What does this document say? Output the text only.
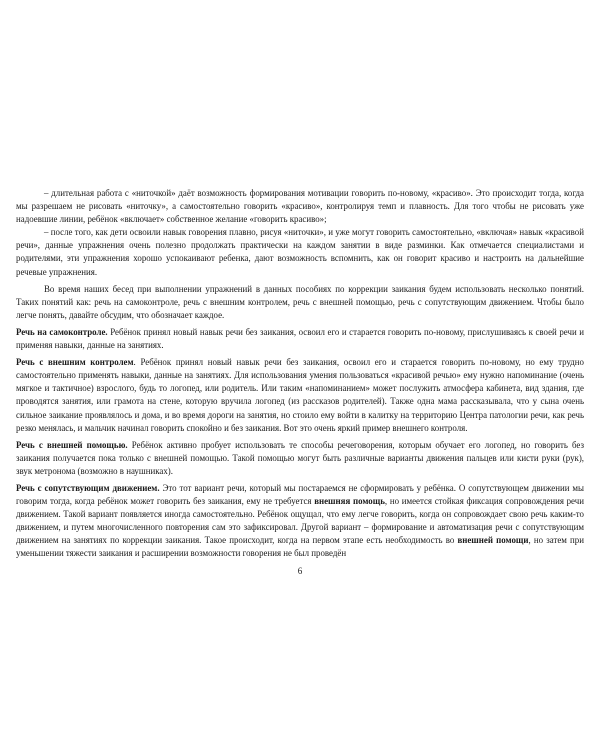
– длительная работа с «ниточкой» даёт возможность формирования мотивации говорить по-новому, «красиво». Это происходит тогда, когда мы разрешаем не рисовать «ниточку», а самостоятельно говорить «красиво», контролируя темп и плавность. Для того чтобы не рисовать уже надоевшие линии, ребёнок «включает» собственное желание «говорить красиво»;

– после того, как дети освоили навык говорения плавно, рисуя «ниточки», и уже могут говорить самостоятельно, «включая» навык «красивой речи», данные упражнения очень полезно продолжать практически на каждом занятии в виде разминки. Как отмечается специалистами и родителями, эти упражнения хорошо успокаивают ребенка, дают возможность вспомнить, как он говорит красиво и настроить на дальнейшие речевые упражнения.

Во время наших бесед при выполнении упражнений в данных пособиях по коррекции заикания будем использовать несколько понятий. Таких понятий как: речь на самоконтроле, речь с внешним контролем, речь с внешней помощью, речь с сопутствующим движением. Чтобы было легче понять, давайте обсудим, что обозначает каждое.

Речь на самоконтроле. Ребёнок принял новый навык речи без заикания, освоил его и старается говорить по-новому, прислушиваясь к своей речи и применяя навыки, данные на занятиях.

Речь с внешним контролем. Ребёнок принял новый навык речи без заикания, освоил его и старается говорить по-новому, но ему трудно самостоятельно применять навыки, данные на занятиях. Для использования умения пользоваться «красивой речью» ему нужно напоминание (очень мягкое и тактичное) взрослого, будь то логопед, или родитель. Или таким «напоминанием» может послужить атмосфера кабинета, вид здания, где проводятся занятия, или грамота на стене, которую вручила логопед (из рассказов родителей). Также одна мама рассказывала, что у сына очень сильное заикание проявлялось и дома, и во время дороги на занятия, но стоило ему войти в калитку на территорию Центра патологии речи, как речь резко менялась, и мальчик начинал говорить спокойно и без заикания. Вот это очень яркий пример внешнего контроля.

Речь с внешней помощью. Ребёнок активно пробует использовать те способы речеговорения, которым обучает его логопед, но говорить без заикания получается пока только с внешней помощью. Такой помощью могут быть различные варианты движения пальцев или кисти руки (рук), звук метронома (возможно в наушниках).

Речь с сопутствующим движением. Это тот вариант речи, который мы постараемся не сформировать у ребёнка. О сопутствующем движении мы говорим тогда, когда ребёнок может говорить без заикания, ему не требуется внешняя помощь, но имеется стойкая фиксация сопровождения речи движением. Такой вариант появляется иногда самостоятельно. Ребёнок ощущал, что ему легче говорить, когда он сопровождает свою речь каким-то движением, и путем многочисленного повторения сам это зафиксировал. Другой вариант – формирование и автоматизация речи с сопутствующим движением на занятиях по коррекции заикания. Такое происходит, когда на первом этапе есть необходимость во внешней помощи, но затем при уменьшении тяжести заикания и расширении возможности говорения не был проведён

6
